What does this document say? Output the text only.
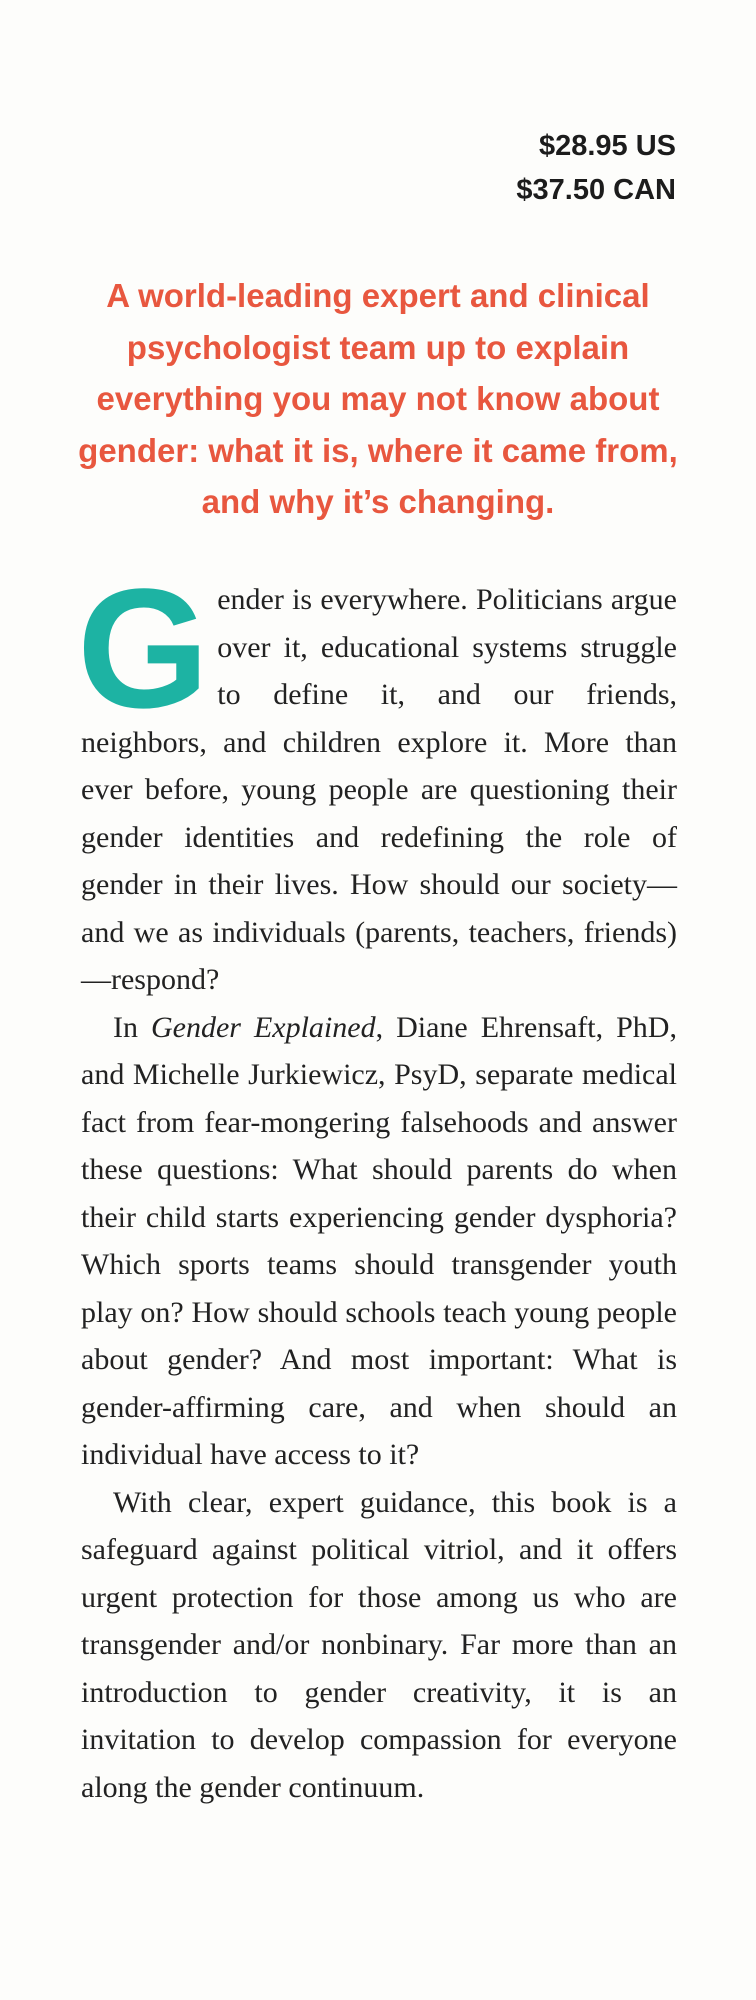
$28.95 US
$37.50 CAN
A world-leading expert and clinical psychologist team up to explain everything you may not know about gender: what it is, where it came from, and why it’s changing.

Gender is everywhere. Politicians argue over it, educational systems struggle to define it, and our friends, neighbors, and children explore it. More than ever before, young people are questioning their gender identities and redefining the role of gender in their lives. How should our society—and we as individuals (parents, teachers, friends)—respond?

In Gender Explained, Diane Ehrensaft, PhD, and Michelle Jurkiewicz, PsyD, separate medical fact from fear-mongering falsehoods and answer these questions: What should parents do when their child starts experiencing gender dysphoria? Which sports teams should transgender youth play on? How should schools teach young people about gender? And most important: What is gender-affirming care, and when should an individual have access to it?

With clear, expert guidance, this book is a safeguard against political vitriol, and it offers urgent protection for those among us who are transgender and/or nonbinary. Far more than an introduction to gender creativity, it is an invitation to develop compassion for everyone along the gender continuum.
